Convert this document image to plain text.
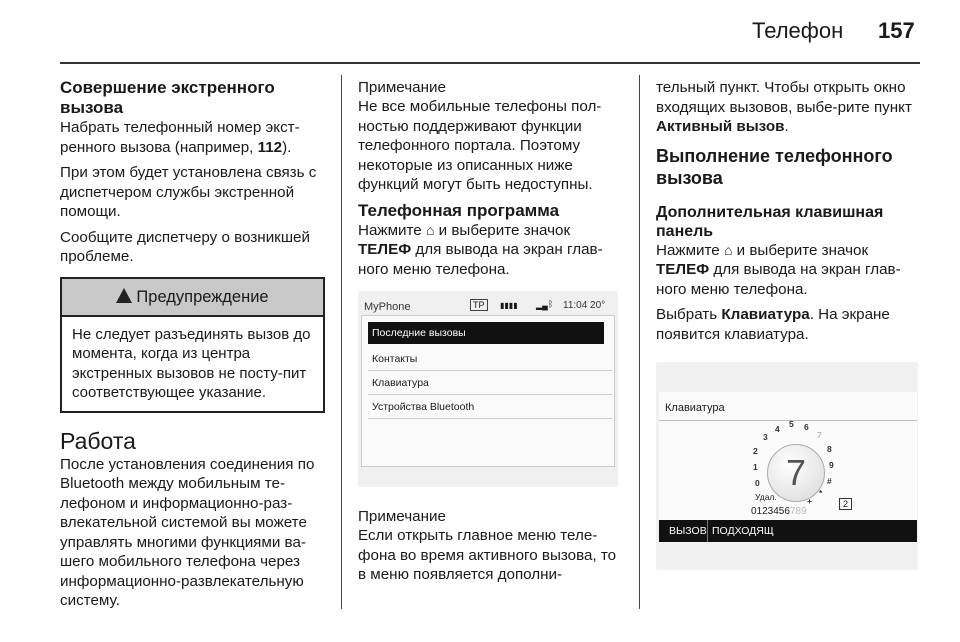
Телефон 157
Совершение экстренного вызова

Набрать телефонный номер экст-ренного вызова (например, 112).

При этом будет установлена связь с диспетчером службы экстренной помощи.

Сообщите диспетчеру о возникшей проблеме.

!
Предупреждение
Не следует разъединять вызов до момента, когда из центра экстренных вызовов не посту-пит соответствующее указание.
Работа

После установления соединения по Bluetooth между мобильным те-лефоном и информационно-раз-влекательной системой вы можете управлять многими функциями ва-шего мобильного телефона через информационно-развлекательную систему.

Примечание

Не все мобильные телефоны пол-ностью поддерживают функции телефонного портала. Поэтому некоторые из описанных ниже функций могут быть недоступны.

Телефонная программа

Нажмите ⌂ и выберите значок ТЕЛЕФ для вывода на экран глав-ного меню телефона.

MyPhone	TP	▮▮▮▮ ▂▄ ᛒ 11:04 20°
Последние вызовы
Контакты
Клавиатура
Устройства Bluetooth
Примечание

Если открыть главное меню теле-фона во время активного вызова, то в меню появляется дополни-

тельный пункт. Чтобы открыть окно входящих вызовов, выбе-рите пункт Активный вызов.

Выполнение телефонного вызова
Дополнительная клавишная панель

Нажмите ⌂ и выберите значок ТЕЛЕФ для вывода на экран глав-ного меню телефона.

Выбрать Клавиатура. На экране появится клавиатура.

Клавиатура
7
3
4 5 6
7
8
9
#
+
*
0
1
2
Удал.
0123456789
2
ВЫЗОВ ПОДХОДЯЩ
